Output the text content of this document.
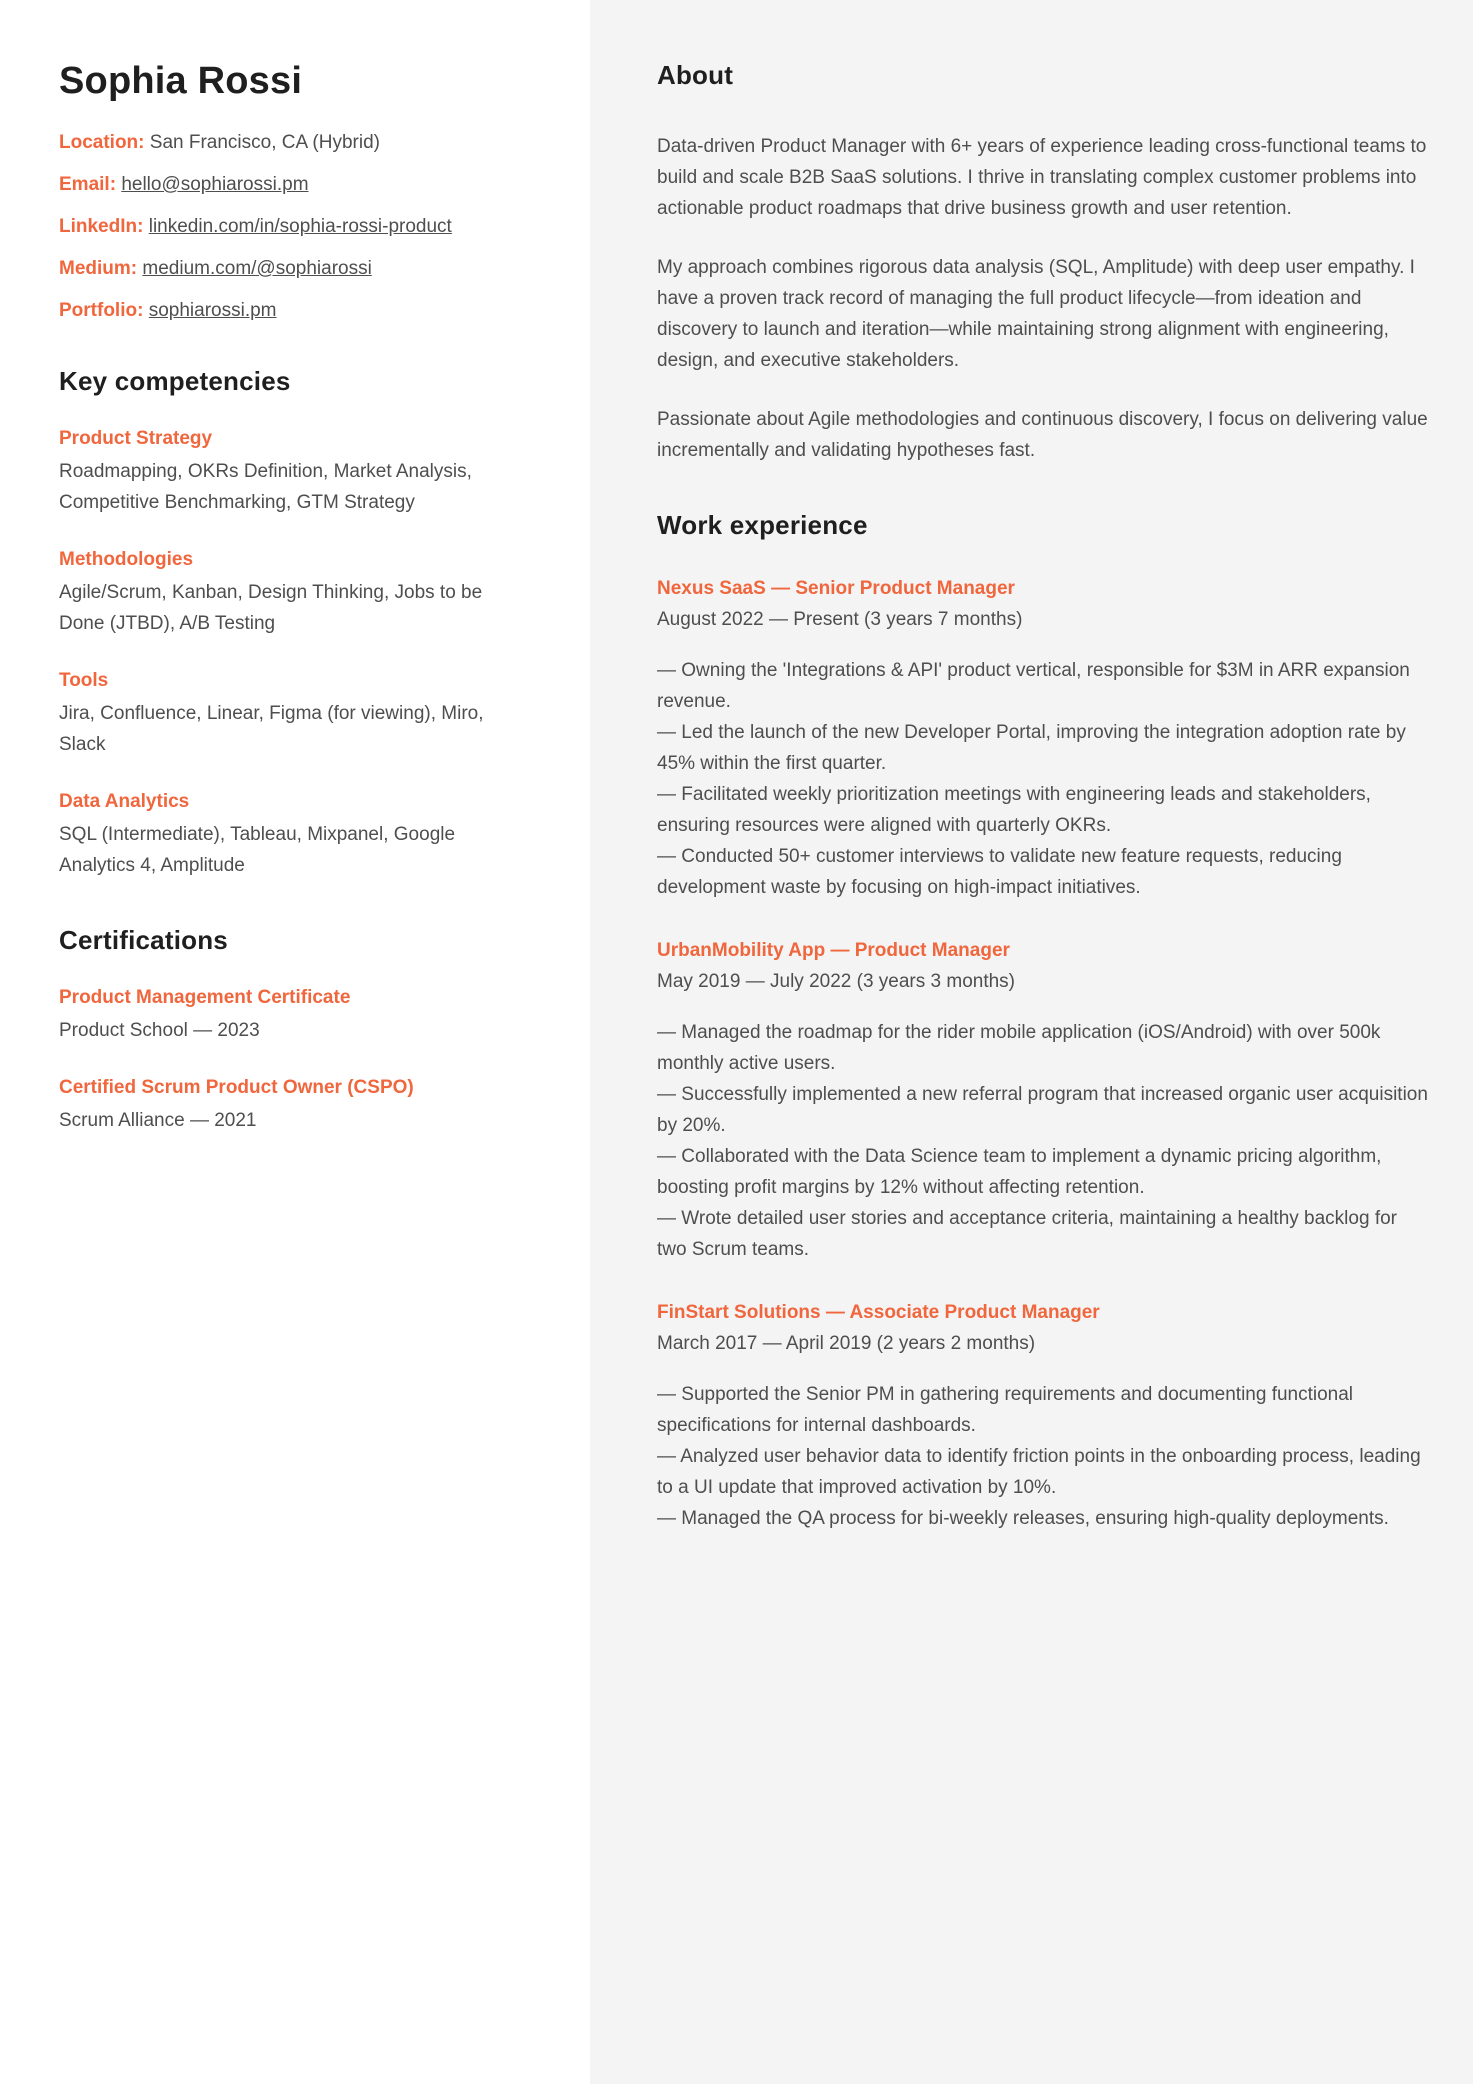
Sophia Rossi
Location: San Francisco, CA (Hybrid)
Email: hello@sophiarossi.pm
LinkedIn: linkedin.com/in/sophia-rossi-product
Medium: medium.com/@sophiarossi
Portfolio: sophiarossi.pm
Key competencies
Product Strategy
Roadmapping, OKRs Definition, Market Analysis, Competitive Benchmarking, GTM Strategy
Methodologies
Agile/Scrum, Kanban, Design Thinking, Jobs to be Done (JTBD), A/B Testing
Tools
Jira, Confluence, Linear, Figma (for viewing), Miro, Slack
Data Analytics
SQL (Intermediate), Tableau, Mixpanel, Google Analytics 4, Amplitude
Certifications
Product Management Certificate
Product School — 2023
Certified Scrum Product Owner (CSPO)
Scrum Alliance — 2021
About

Data-driven Product Manager with 6+ years of experience leading cross-functional teams to build and scale B2B SaaS solutions. I thrive in translating complex customer problems into actionable product roadmaps that drive business growth and user retention.

My approach combines rigorous data analysis (SQL, Amplitude) with deep user empathy. I have a proven track record of managing the full product lifecycle—from ideation and discovery to launch and iteration—while maintaining strong alignment with engineering, design, and executive stakeholders.

Passionate about Agile methodologies and continuous discovery, I focus on delivering value incrementally and validating hypotheses fast.

Work experience
Nexus SaaS — Senior Product Manager
August 2022 — Present (3 years 7 months)
— Owning the 'Integrations & API' product vertical, responsible for $3M in ARR expansion revenue.
— Led the launch of the new Developer Portal, improving the integration adoption rate by 45% within the first quarter.
— Facilitated weekly prioritization meetings with engineering leads and stakeholders, ensuring resources were aligned with quarterly OKRs.
— Conducted 50+ customer interviews to validate new feature requests, reducing development waste by focusing on high-impact initiatives.
UrbanMobility App — Product Manager
May 2019 — July 2022 (3 years 3 months)
— Managed the roadmap for the rider mobile application (iOS/Android) with over 500k monthly active users.
— Successfully implemented a new referral program that increased organic user acquisition by 20%.
— Collaborated with the Data Science team to implement a dynamic pricing algorithm, boosting profit margins by 12% without affecting retention.
— Wrote detailed user stories and acceptance criteria, maintaining a healthy backlog for two Scrum teams.
FinStart Solutions — Associate Product Manager
March 2017 — April 2019 (2 years 2 months)
— Supported the Senior PM in gathering requirements and documenting functional specifications for internal dashboards.
— Analyzed user behavior data to identify friction points in the onboarding process, leading to a UI update that improved activation by 10%.
— Managed the QA process for bi-weekly releases, ensuring high-quality deployments.
